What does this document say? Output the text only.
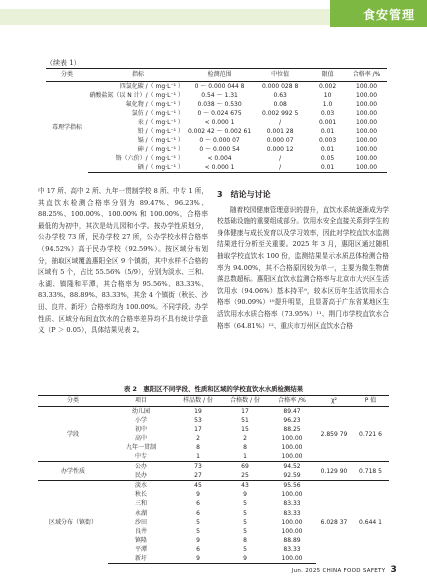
食安管理
（续表 1）
分类	指标	检测范围	中位值	限值	合格率 /%
毒理学指标	四氯化碳 /（ mg·L⁻¹ ）	0 ～ 0.000 044 8	0.000 028 8	0.002	100.00
	硝酸盐氮（以 N 计）/（ mg·L⁻¹ ）	0.54 ～ 1.31	0.63	10	100.00
	氟化物 /（ mg·L⁻¹ ）	0.038 ～ 0.530	0.08	1.0	100.00
	氯仿 /（ mg·L⁻¹ ）	0 ～ 0.024 675	0.002 992 5	0.03	100.00
	汞 /（ mg·L⁻¹ ）	< 0.000 1	/	0.001	100.00
	铅 /（ mg·L⁻¹ ）	0.002 42 ～ 0.002 61	0.001 28	0.01	100.00
	镉 /（ mg·L⁻¹ ）	0 ～ 0.000 07	0.000 07	0.003	100.00
	砷 /（ mg·L⁻¹ ）	0 ～ 0.000 54	0.000 12	0.01	100.00
	铬（六价）/（ mg·L⁻¹ ）	< 0.004	/	0.05	100.00
	硒 /（ mg·L⁻¹ ）	< 0.000 1	/	0.01	100.00

中 17 所、高中 2 所、九年一贯制学校 8 所、中专 1 所，其直饮水检测合格率分别为 89.47%、96.23%、88.25%、100.00%、100.00% 和 100.00%，合格率最低的为初中，其次是幼儿园和小学。按办学性质划分，公办学校 73 所，民办学校 27 所，公办学校水样合格率（94.52%）高于民办学校（92.59%）。按区域分布划分，抽取区域覆盖惠阳全区 9 个镇街，其中水样不合格的区域有 5 个，占比 55.56%（5/9），分别为淡水、三和、永湖、镇隆和平潭，其合格率为 95.56%、83.33%、83.33%、88.89%、83.33%，其余 4 个镇街（秋长、沙田、良井、新圩）合格率均为 100.00%。不同学段、办学性质、区域分布间直饮水的合格率差异均不具有统计学意义（P ＞ 0.05），具体结果见表 2。

3　结论与讨论

随着校园健康管理意识的提升，直饮水系统逐渐成为学校基础设施的重要组成部分。饮用水安全直接关系到学生的身体健康与成长发育以及学习效率，因此对学校直饮水监测结果进行分析至关重要。2025 年 3 月，惠阳区通过随机抽取学校直饮水 100 份，监测结果显示水质总体检测合格率为 94.00%，其不合格原因较为单一，主要为微生物菌落总数超标。惠阳区直饮水监测合格率与北京市大兴区生活饮用水（94.06%）基本持平⁹，较本区历年生活饮用水合格率（90.09%）¹⁰提升明显，且显著高于广东省某地区生活饮用水水质合格率（73.95%）¹¹、荆门市学校直饮水合格率（64.81%）¹²、重庆市万州区直饮水合格

表 2　惠阳区不同学段、性质和区域的学校直饮水水质检测结果
分类	项目	样品数 / 份	合格数 / 份	合格率 /%	χ²	P 值
学段	幼儿园	19	17	89.47	2.859 79	0.721 6
	小学	53	51	96.23		
	初中	17	15	88.25		
	高中	2	2	100.00		
	九年一贯制	8	8	100.00		
	中专	1	1	100.00		
办学性质	公办	73	69	94.52	0.129 90	0.718 5
	民办	27	25	92.59		
区域分布（镇街）	淡水	45	43	95.56	6.028 37	0.644 1
	秋长	9	9	100.00		
	三和	6	5	83.33		
	永湖	6	5	83.33		
	沙田	5	5	100.00		
	良井	5	5	100.00		
	镇隆	9	8	88.89		
	平潭	6	5	83.33		
	新圩	9	9	100.00		
Jun. 2025 CHINA FOOD SAFETY 3
